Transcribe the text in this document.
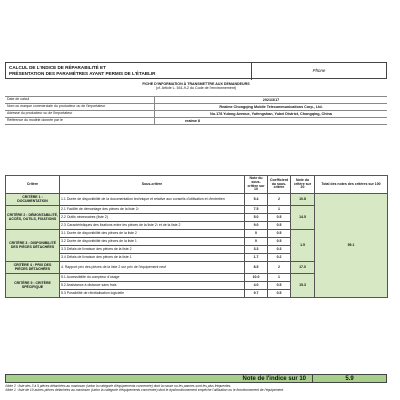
CALCUL DE L'INDICE DE RÉPARABILITÉ ET
PRÉSENTATION DES PARAMÈTRES AYANT PERMIS DE L'ÉTABLIR
Phone
FICHE D'INFORMATION À TRANSMETTRE AUX DEMANDEURS
(cf. Article L. 541-9-2 du Code de l'environnement)
Date de calcul	2021/3/17
Nom ou marque commerciale du producteur ou de l'importateur	Realme Chongqing Mobile Telecommunications Corp., Ltd.
Adresse du producteur ou de l'importateur	No.178 Yulong Avenue, Yufengshan, Yubei District, Chongqing, China
Référence du modèle donnée par le	realme 8
Critère	Sous-critère	Note du sous-critère sur 10	Coefficient du sous-critère	Note du critère sur 20	Total des notes des critères sur 100
CRITÈRE 1 : DOCUMENTATION	1.1 Durée de disponibilité de la documentation technique et relative aux conseils d'utilisation et d'entretien	5.4	2	10.8	59.1
CRITÈRE 2 : DÉMONTABILITÉ, ACCÈS, OUTILS, FIXATIONS	2.1 Facilité de démontage des pièces de la liste 2¹	7.5	1	14.5	
	2.2 Outils nécessaires (liste 2)	5.0	0.5		
	2.3 Caractéristiques des fixations entre les pièces de la liste 2¹ et de la liste 2	9.0	0.5		
CRITÈRE 3 : DISPONIBILITÉ DES PIÈCES DÉTACHÉES	3.1 Durée de disponibilité des pièces de la liste 2	0	0.5	1.5	
	3.2 Durée de disponibilité des pièces de la liste 1	0	0.5		
	3.3 Délais de livraison des pièces de la liste 2	3.3	0.3		
	3.4 Délais de livraison des pièces de la liste 1	1.7	0.2		
CRITÈRE 4 : PRIX DES PIÈCES DÉTACHÉES	4. Rapport prix des pièces de la liste 2 sur prix de l'équipement neuf	8.5	2	17.0	
CRITÈRE 5 : CRITÈRE SPÉCIFIQUE	5.1 Accessibilité du compteur d'usage	10.0	1	15.3	
	5.2 Assistance à distance sans frais	4.0	0.5		
	5.3 Possibilité de réinitialisation logicielle	9.7	0.5		
Note de l'indice sur 10	5.9
¹Note 2 : liste des 3 à 5 pièces détachées au maximum (selon la catégorie d'équipements concernée) dont la casse ou les pannes sont les plus fréquentes.
²Note 1 : liste de 10 autres pièces détachées au maximum (selon la catégorie d'équipements concernée) dont le dysfonctionnement empêche l'utilisation ou le fonctionnement de l'équipement.
